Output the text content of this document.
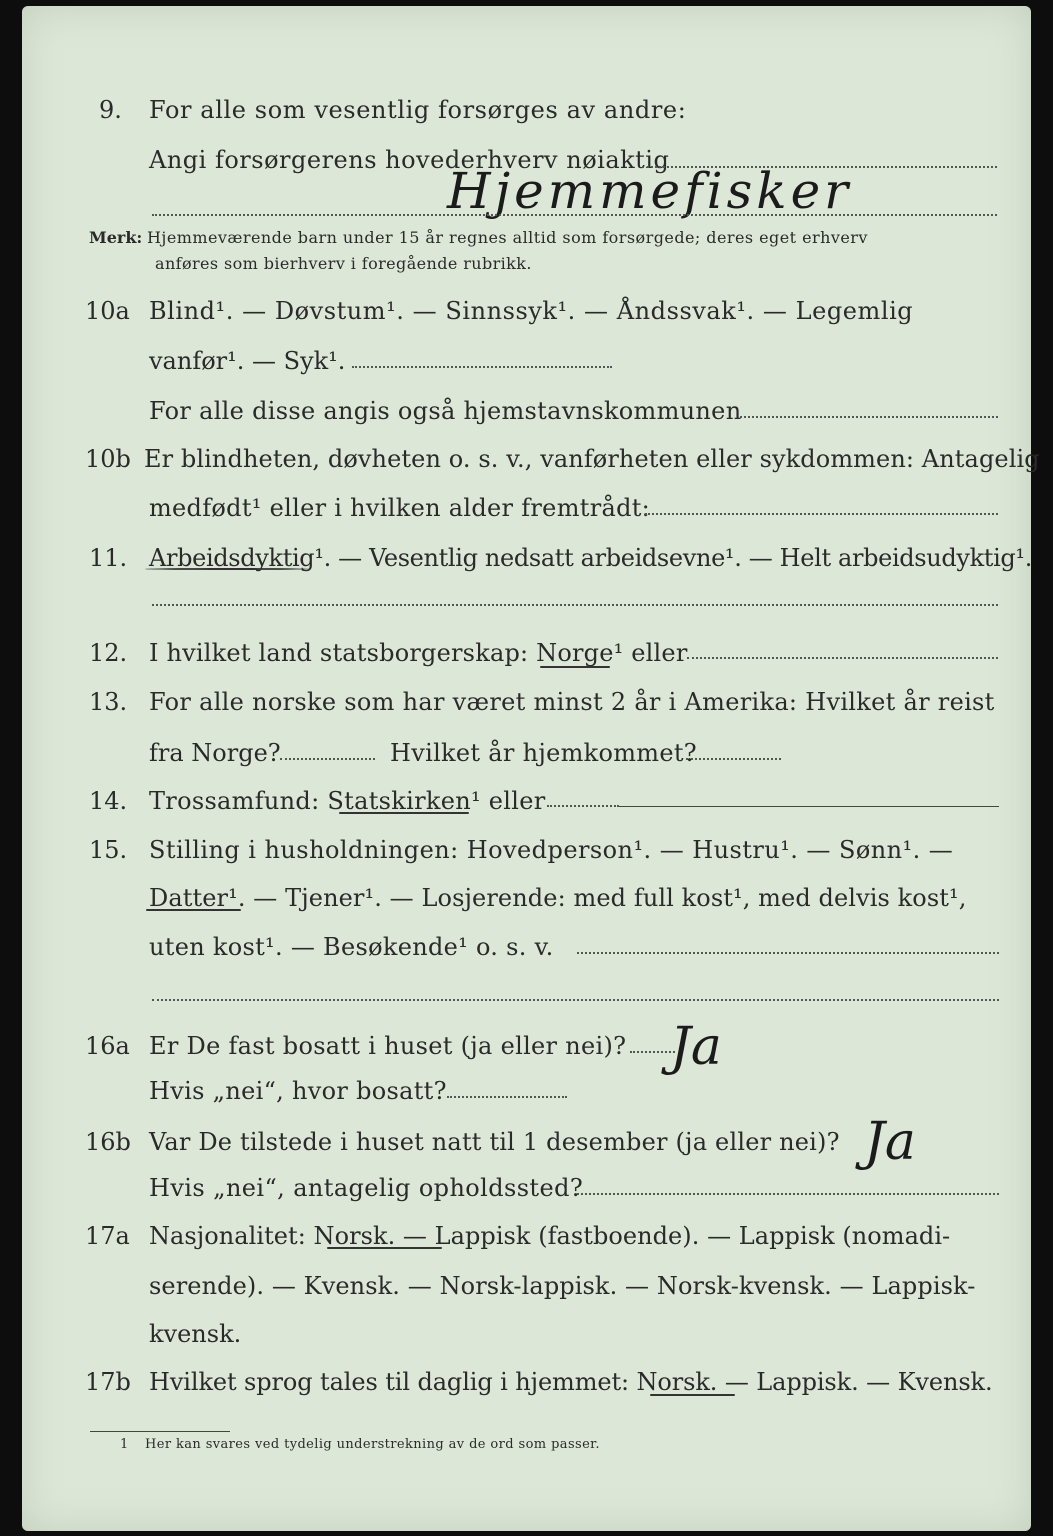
9. For alle som vesentlig forsørges av andre:
Angi forsørgerens hovederhverv nøiaktig
Hjemmefisker
Merk: Hjemmeværende barn under 15 år regnes alltid som forsørgede; deres eget erhverv
anføres som bierhverv i foregående rubrikk.
10a Blind¹. — Døvstum¹. — Sinnssyk¹. — Åndssvak¹. — Legemlig
vanfør¹. — Syk¹.
For alle disse angis også hjemstavnskommunen
10b Er blindheten, døvheten o. s. v., vanførheten eller sykdommen: Antagelig
medfødt¹ eller i hvilken alder fremtrådt:
11. Arbeidsdyktig¹. — Vesentlig nedsatt arbeidsevne¹. — Helt arbeidsudyktig¹.
12. I hvilket land statsborgerskap: Norge¹ eller
13. For alle norske som har været minst 2 år i Amerika: Hvilket år reist
fra Norge?	Hvilket år hjemkommet?
14. Trossamfund: Statskirken¹ eller
15. Stilling i husholdningen: Hovedperson¹. — Hustru¹. — Sønn¹. —
Datter¹. — Tjener¹. — Losjerende: med full kost¹, med delvis kost¹,
uten kost¹. — Besøkende¹ o. s. v.
16a Er De fast bosatt i huset (ja eller nei)? Ja
Hvis „nei“, hvor bosatt?
16b Var De tilstede i huset natt til 1 desember (ja eller nei)? Ja
Hvis „nei“, antagelig opholdssted?
17a Nasjonalitet: Norsk. — Lappisk (fastboende). — Lappisk (nomadi-
serende). — Kvensk. — Norsk-lappisk. — Norsk-kvensk. — Lappisk-
kvensk.
17b Hvilket sprog tales til daglig i hjemmet: Norsk. — Lappisk. — Kvensk.
1 Her kan svares ved tydelig understrekning av de ord som passer.
